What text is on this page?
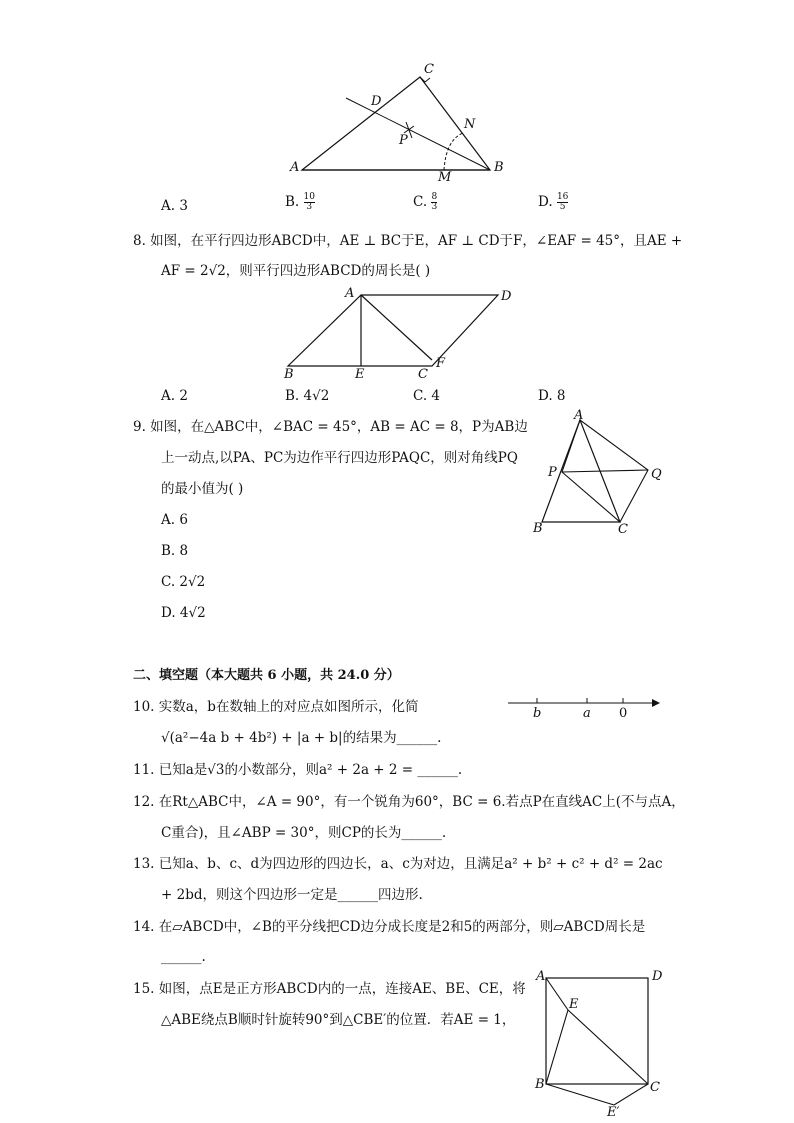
C
D
N
P
A
M
B
A. 3	B. $\frac{10}{3}$	C. $\frac{8}{3}$	D. $\frac{16}{5}$
8. 如图，在平行四边形ABCD中，AE ⊥ BC于E，AF ⊥ CD于F，∠EAF = 45°，且AE +
AF = 2√2，则平行四边形ABCD的周长是( )
A	D
B	E	C
F
A. 2	B. 4√2	C. 4	D. 8
9. 如图，在△ABC中，∠BAC = 45°，AB = AC = 8，P为AB边
上一动点,以PA、PC为边作平行四边形PAQC，则对角线PQ
的最小值为( )
A. 6
B. 8
C. 2√2
D. 4√2
A
P	Q
B	C
二、填空题（本大题共 6 小题，共 24.0 分）
10. 实数a，b在数轴上的对应点如图所示，化简
√(a²−4a b + 4b²) + |a + b|的结果为______.
b	a 0
11. 已知a是√3的小数部分，则a² + 2a + 2 = ______.
12. 在Rt△ABC中，∠A = 90°，有一个锐角为60°，BC = 6.若点P在直线AC上(不与点A，
C重合)，且∠ABP = 30°，则CP的长为______.
13. 已知a、b、c、d为四边形的四边长，a、c为对边，且满足a² + b² + c² + d² = 2ac
+ 2bd，则这个四边形一定是______四边形.
14. 在▱ABCD中，∠B的平分线把CD边分成长度是2和5的两部分，则▱ABCD周长是
______.
15. 如图，点E是正方形ABCD内的一点，连接AE、BE、CE，将
△ABE绕点B顺时针旋转90°到△CBE′的位置．若AE = 1，
A	D
E
B	C
E′
